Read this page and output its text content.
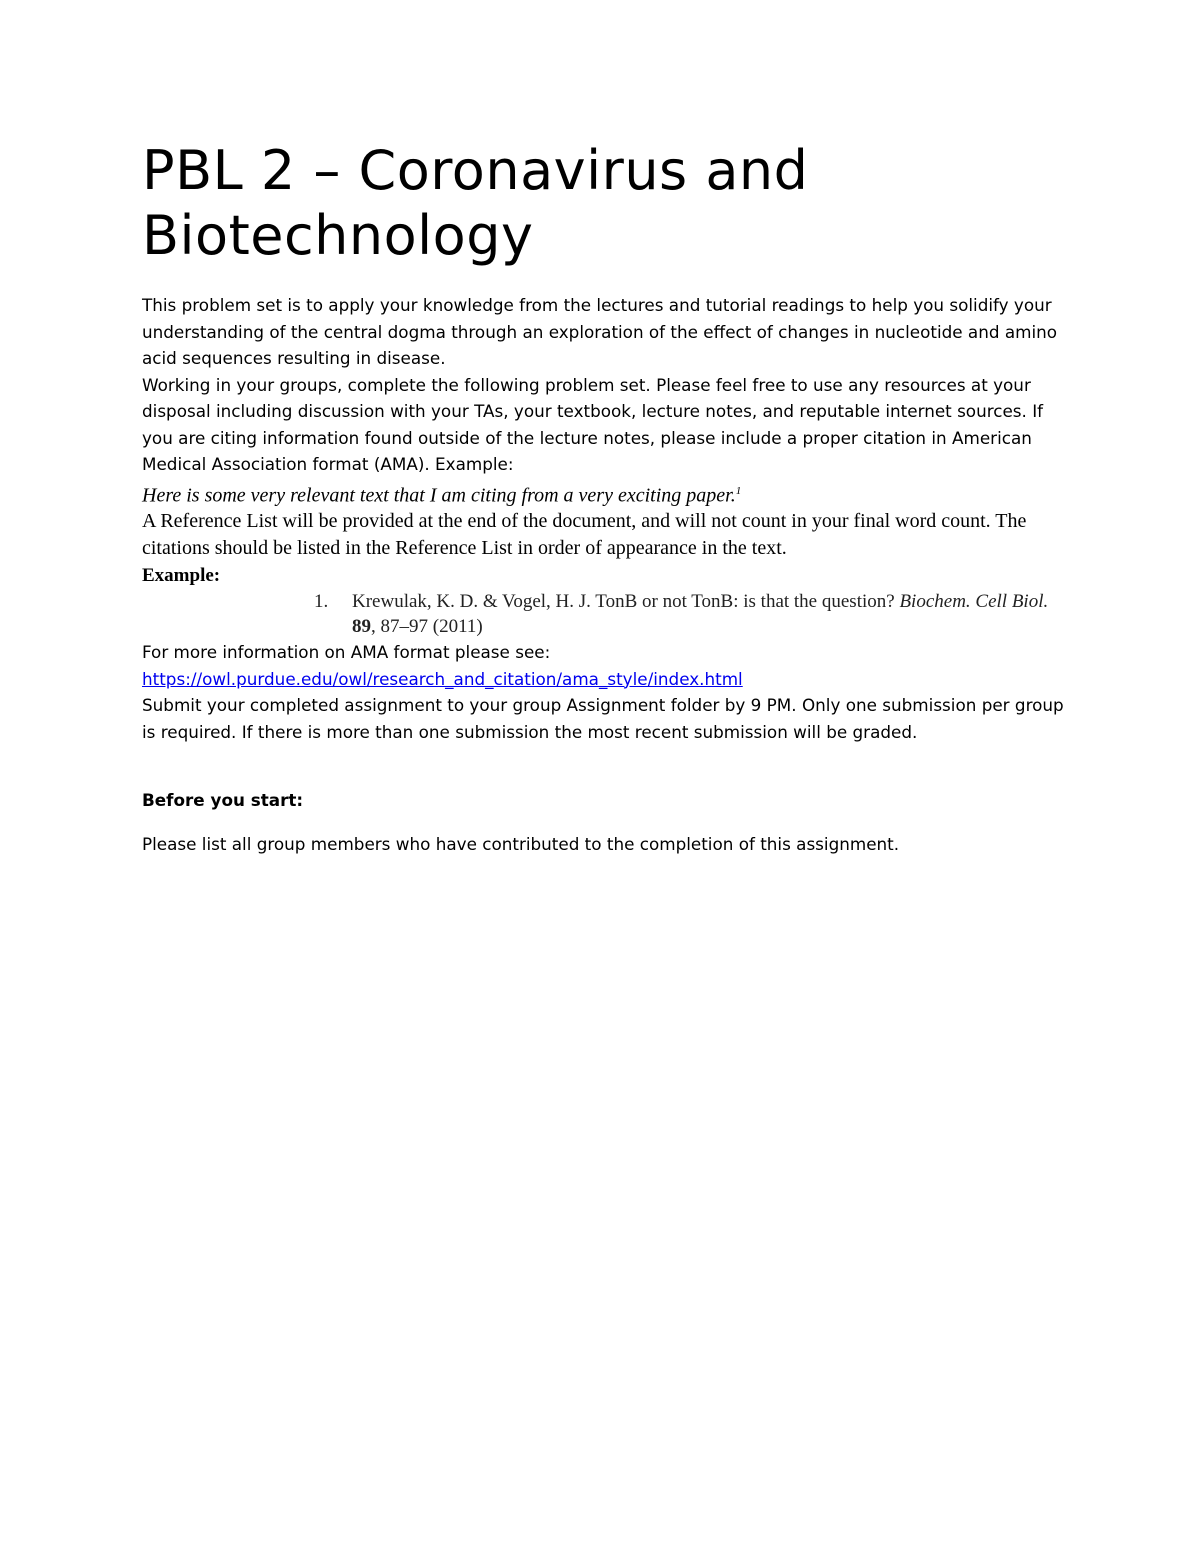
PBL 2 – Coronavirus and Biotechnology

This problem set is to apply your knowledge from the lectures and tutorial readings to help you solidify your understanding of the central dogma through an exploration of the effect of changes in nucleotide and amino acid sequences resulting in disease.

Working in your groups, complete the following problem set. Please feel free to use any resources at your disposal including discussion with your TAs, your textbook, lecture notes, and reputable internet sources. If you are citing information found outside of the lecture notes, please include a proper citation in American Medical Association format (AMA). Example:

Here is some very relevant text that I am citing from a very exciting paper.$^1$

A Reference List will be provided at the end of the document, and will not count in your final word count. The citations should be listed in the Reference List in order of appearance in the text.

Example:

1.	Krewulak, K. D. & Vogel, H. J. TonB or not TonB: is that the question? Biochem. Cell Biol. 89, 87–97 (2011)

For more information on AMA format please see:

https://owl.purdue.edu/owl/research_and_citation/ama_style/index.html

Submit your completed assignment to your group Assignment folder by 9 PM. Only one submission per group is required. If there is more than one submission the most recent submission will be graded.

Before you start:

Please list all group members who have contributed to the completion of this assignment.
